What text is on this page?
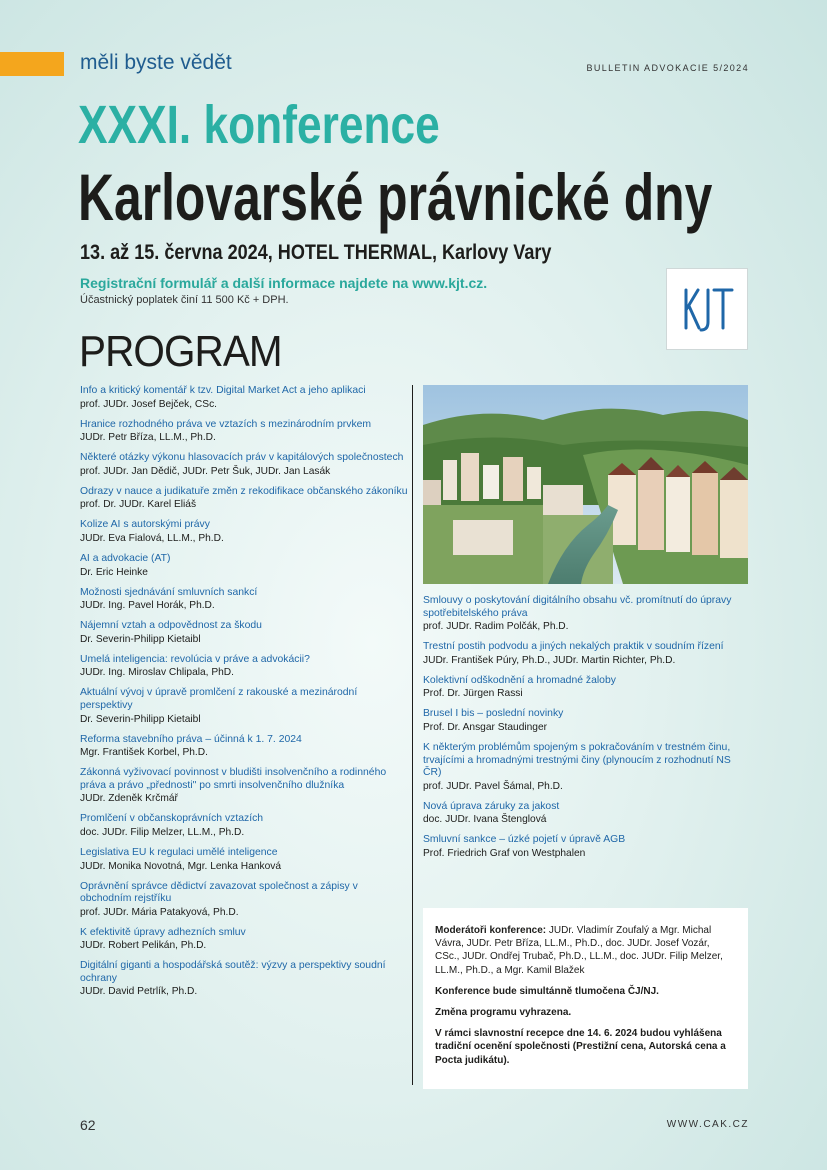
měli byste vědět	BULLETIN ADVOKACIE 5/2024
XXXI. konference
Karlovarské právnické dny
13. až 15. června 2024, HOTEL THERMAL, Karlovy Vary
Registrační formulář a další informace najdete na www.kjt.cz.
Účastnický poplatek činí 11 500 Kč + DPH.
PROGRAM
Info a kritický komentář k tzv. Digital Market Act a jeho aplikaci
prof. JUDr. Josef Bejček, CSc.
Hranice rozhodného práva ve vztazích s mezinárodním prvkem
JUDr. Petr Bříza, LL.M., Ph.D.
Některé otázky výkonu hlasovacích práv v kapitálových společnostech
prof. JUDr. Jan Dědič, JUDr. Petr Šuk, JUDr. Jan Lasák
Odrazy v nauce a judikatuře změn z rekodifikace občanského zákoníku
prof. Dr. JUDr. Karel Eliáš
Kolize AI s autorskými právy
JUDr. Eva Fialová, LL.M., Ph.D.
AI a advokacie (AT)
Dr. Eric Heinke
Možnosti sjednávání smluvních sankcí
JUDr. Ing. Pavel Horák, Ph.D.
Nájemní vztah a odpovědnost za škodu
Dr. Severin-Philipp Kietaibl
Umelá inteligencia: revolúcia v práve a advokácii?
JUDr. Ing. Miroslav Chlipala, PhD.
Aktuální vývoj v úpravě promlčení z rakouské a mezinárodní perspektivy
Dr. Severin-Philipp Kietaibl
Reforma stavebního práva – účinná k 1. 7. 2024
Mgr. František Korbel, Ph.D.
Zákonná vyživovací povinnost v bludišti insolvenčního a rodinného práva a právo „přednosti" po smrti insolvenčního dlužníka
JUDr. Zdeněk Krčmář
Promlčení v občanskoprávních vztazích
doc. JUDr. Filip Melzer, LL.M., Ph.D.
Legislativa EU k regulaci umělé inteligence
JUDr. Monika Novotná, Mgr. Lenka Hanková
Oprávnění správce dědictví zavazovat společnost a zápisy v obchodním rejstříku
prof. JUDr. Mária Patakyová, Ph.D.
K efektivitě úpravy adhezních smluv
JUDr. Robert Pelikán, Ph.D.
Digitální giganti a hospodářská soutěž: výzvy a perspektivy soudní ochrany
JUDr. David Petrlík, Ph.D.
Smlouvy o poskytování digitálního obsahu vč. promítnutí do úpravy spotřebitelského práva
prof. JUDr. Radim Polčák, Ph.D.
Trestní postih podvodu a jiných nekalých praktik v soudním řízení
JUDr. František Púry, Ph.D., JUDr. Martin Richter, Ph.D.
Kolektivní odškodnění a hromadné žaloby
Prof. Dr. Jürgen Rassi
Brusel I bis – poslední novinky
Prof. Dr. Ansgar Staudinger
K některým problémům spojeným s pokračováním v trestném činu, trvajícími a hromadnými trestnými činy (plynoucím z rozhodnutí NS ČR)
prof. JUDr. Pavel Šámal, Ph.D.
Nová úprava záruky za jakost
doc. JUDr. Ivana Štenglová
Smluvní sankce – úzké pojetí v úpravě AGB
Prof. Friedrich Graf von Westphalen

Moderátoři konference: JUDr. Vladimír Zoufalý a Mgr. Michal Vávra, JUDr. Petr Bříza, LL.M., Ph.D., doc. JUDr. Josef Vozár, CSc., JUDr. Ondřej Trubač, Ph.D., LL.M., doc. JUDr. Filip Melzer, LL.M., Ph.D., a Mgr. Kamil Blažek

Konference bude simultánně tlumočena ČJ/NJ.

Změna programu vyhrazena.

V rámci slavnostní recepce dne 14. 6. 2024 budou vyhlášena tradiční ocenění společnosti (Prestižní cena, Autorská cena a Pocta judikátu).

62	WWW.CAK.CZ
